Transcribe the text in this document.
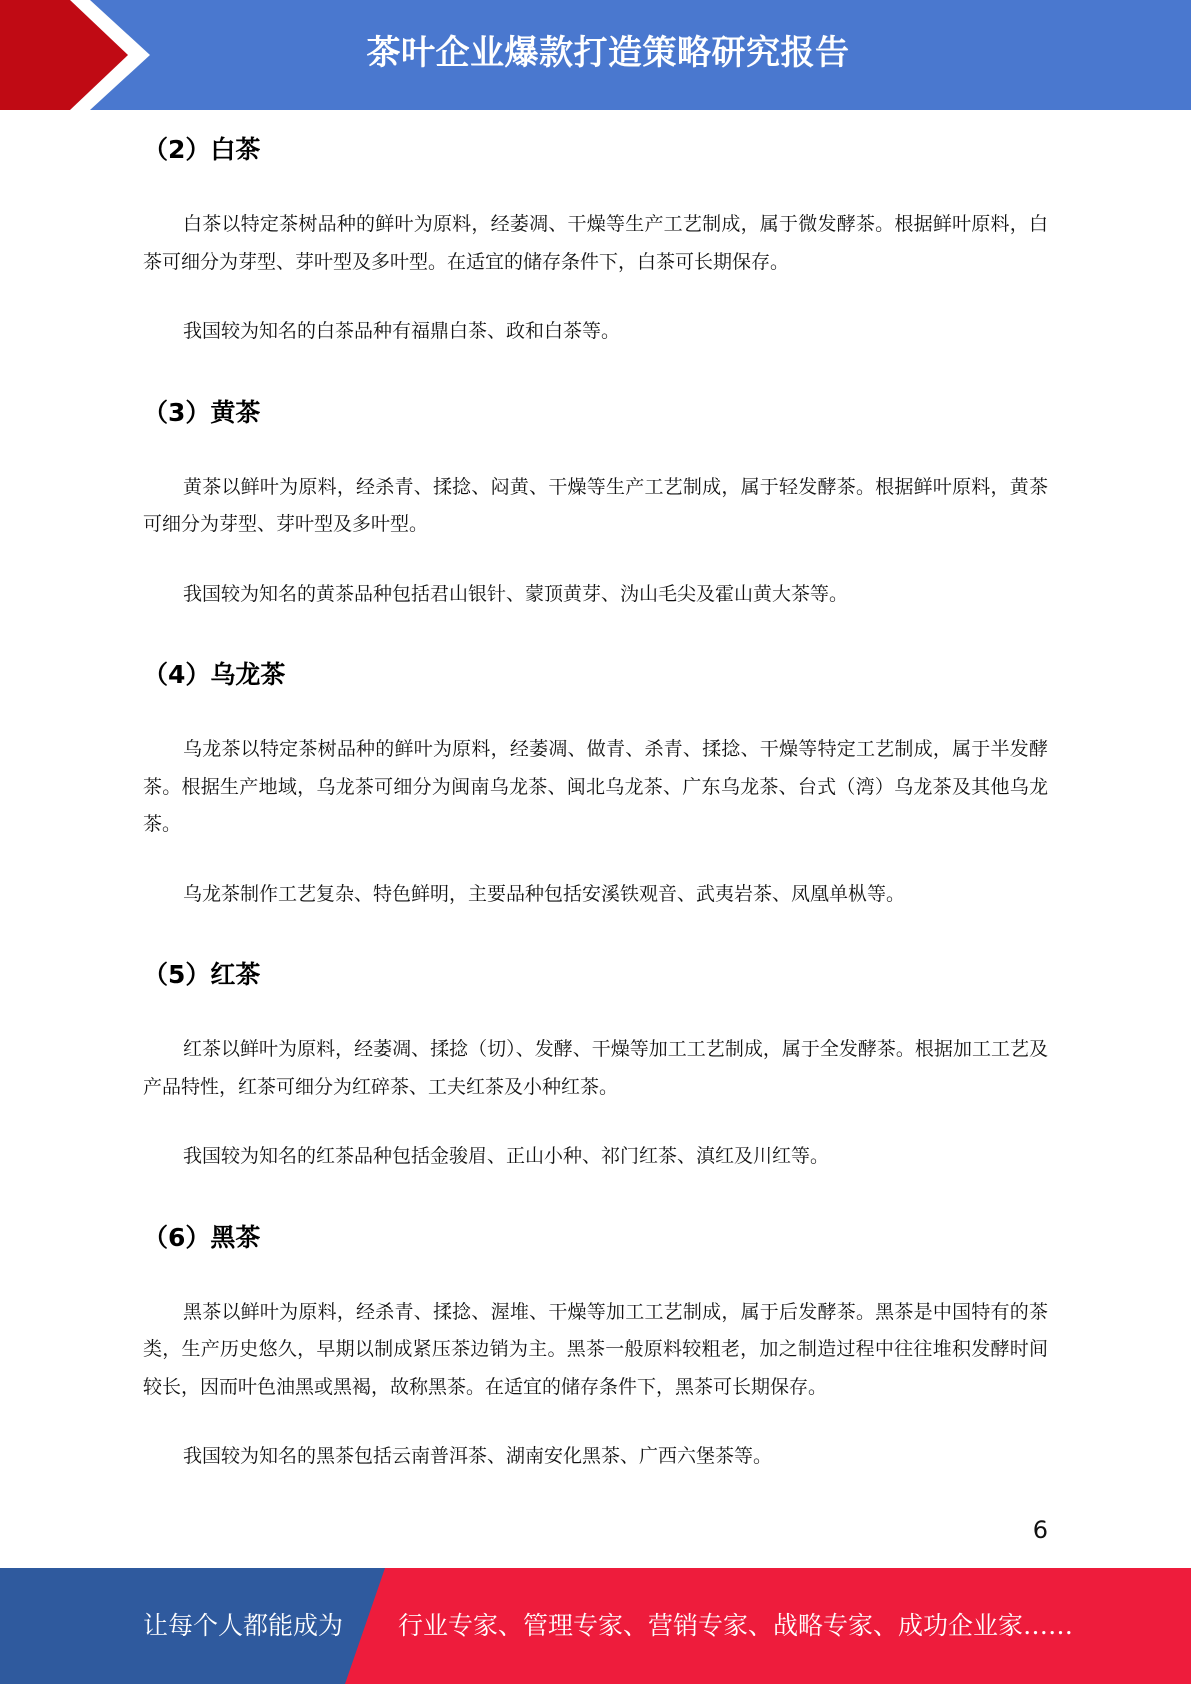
茶叶企业爆款打造策略研究报告
（2）白茶

白茶以特定茶树品种的鲜叶为原料，经萎凋、干燥等生产工艺制成，属于微发酵茶。根据鲜叶原料，白茶可细分为芽型、芽叶型及多叶型。在适宜的储存条件下，白茶可长期保存。

我国较为知名的白茶品种有福鼎白茶、政和白茶等。

（3）黄茶

黄茶以鲜叶为原料，经杀青、揉捻、闷黄、干燥等生产工艺制成，属于轻发酵茶。根据鲜叶原料，黄茶可细分为芽型、芽叶型及多叶型。

我国较为知名的黄茶品种包括君山银针、蒙顶黄芽、沩山毛尖及霍山黄大茶等。

（4）乌龙茶

乌龙茶以特定茶树品种的鲜叶为原料，经萎凋、做青、杀青、揉捻、干燥等特定工艺制成，属于半发酵茶。根据生产地域，乌龙茶可细分为闽南乌龙茶、闽北乌龙茶、广东乌龙茶、台式（湾）乌龙茶及其他乌龙茶。

乌龙茶制作工艺复杂、特色鲜明，主要品种包括安溪铁观音、武夷岩茶、凤凰单枞等。

（5）红茶

红茶以鲜叶为原料，经萎凋、揉捻（切）、发酵、干燥等加工工艺制成，属于全发酵茶。根据加工工艺及产品特性，红茶可细分为红碎茶、工夫红茶及小种红茶。

我国较为知名的红茶品种包括金骏眉、正山小种、祁门红茶、滇红及川红等。

（6）黑茶

黑茶以鲜叶为原料，经杀青、揉捻、渥堆、干燥等加工工艺制成，属于后发酵茶。黑茶是中国特有的茶类，生产历史悠久，早期以制成紧压茶边销为主。黑茶一般原料较粗老，加之制造过程中往往堆积发酵时间较长，因而叶色油黑或黑褐，故称黑茶。在适宜的储存条件下，黑茶可长期保存。

我国较为知名的黑茶包括云南普洱茶、湖南安化黑茶、广西六堡茶等。

6
让每个人都能成为 行业专家、管理专家、营销专家、战略专家、成功企业家……
